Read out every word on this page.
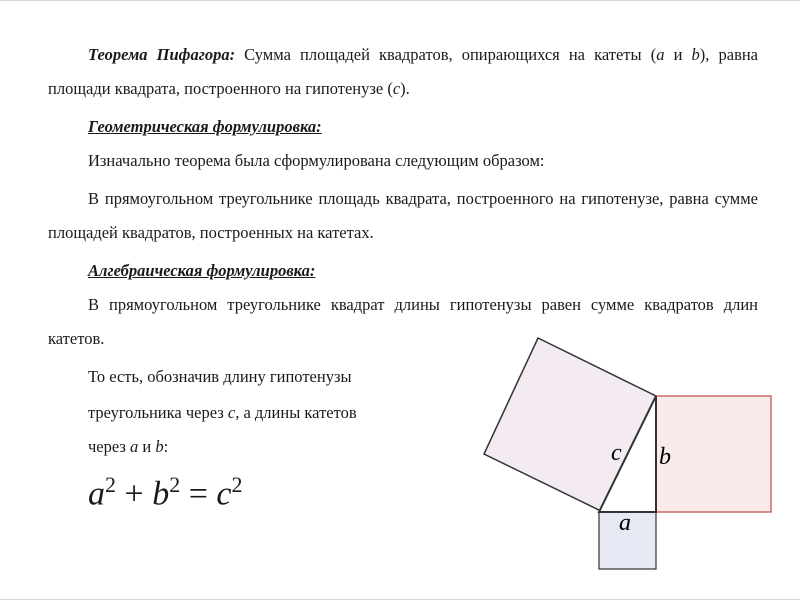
Теорема Пифагора: Сумма площадей квадратов, опирающихся на катеты (a и b), равна площади квадрата, построенного на гипотенузе (c).

Геометрическая формулировка:

Изначально теорема была сформулирована следующим образом:

В прямоугольном треугольнике площадь квадрата, построенного на гипотенузе, равна сумме площадей квадратов, построенных на катетах.

Алгебраическая формулировка:

В прямоугольном треугольнике квадрат длины гипотенузы равен сумме квадратов длин катетов.

То есть, обозначив длину гипотенузы

треугольника через c, а длины катетов

через a и b:

$a^2 + b^2 = c^2$
c b
a
